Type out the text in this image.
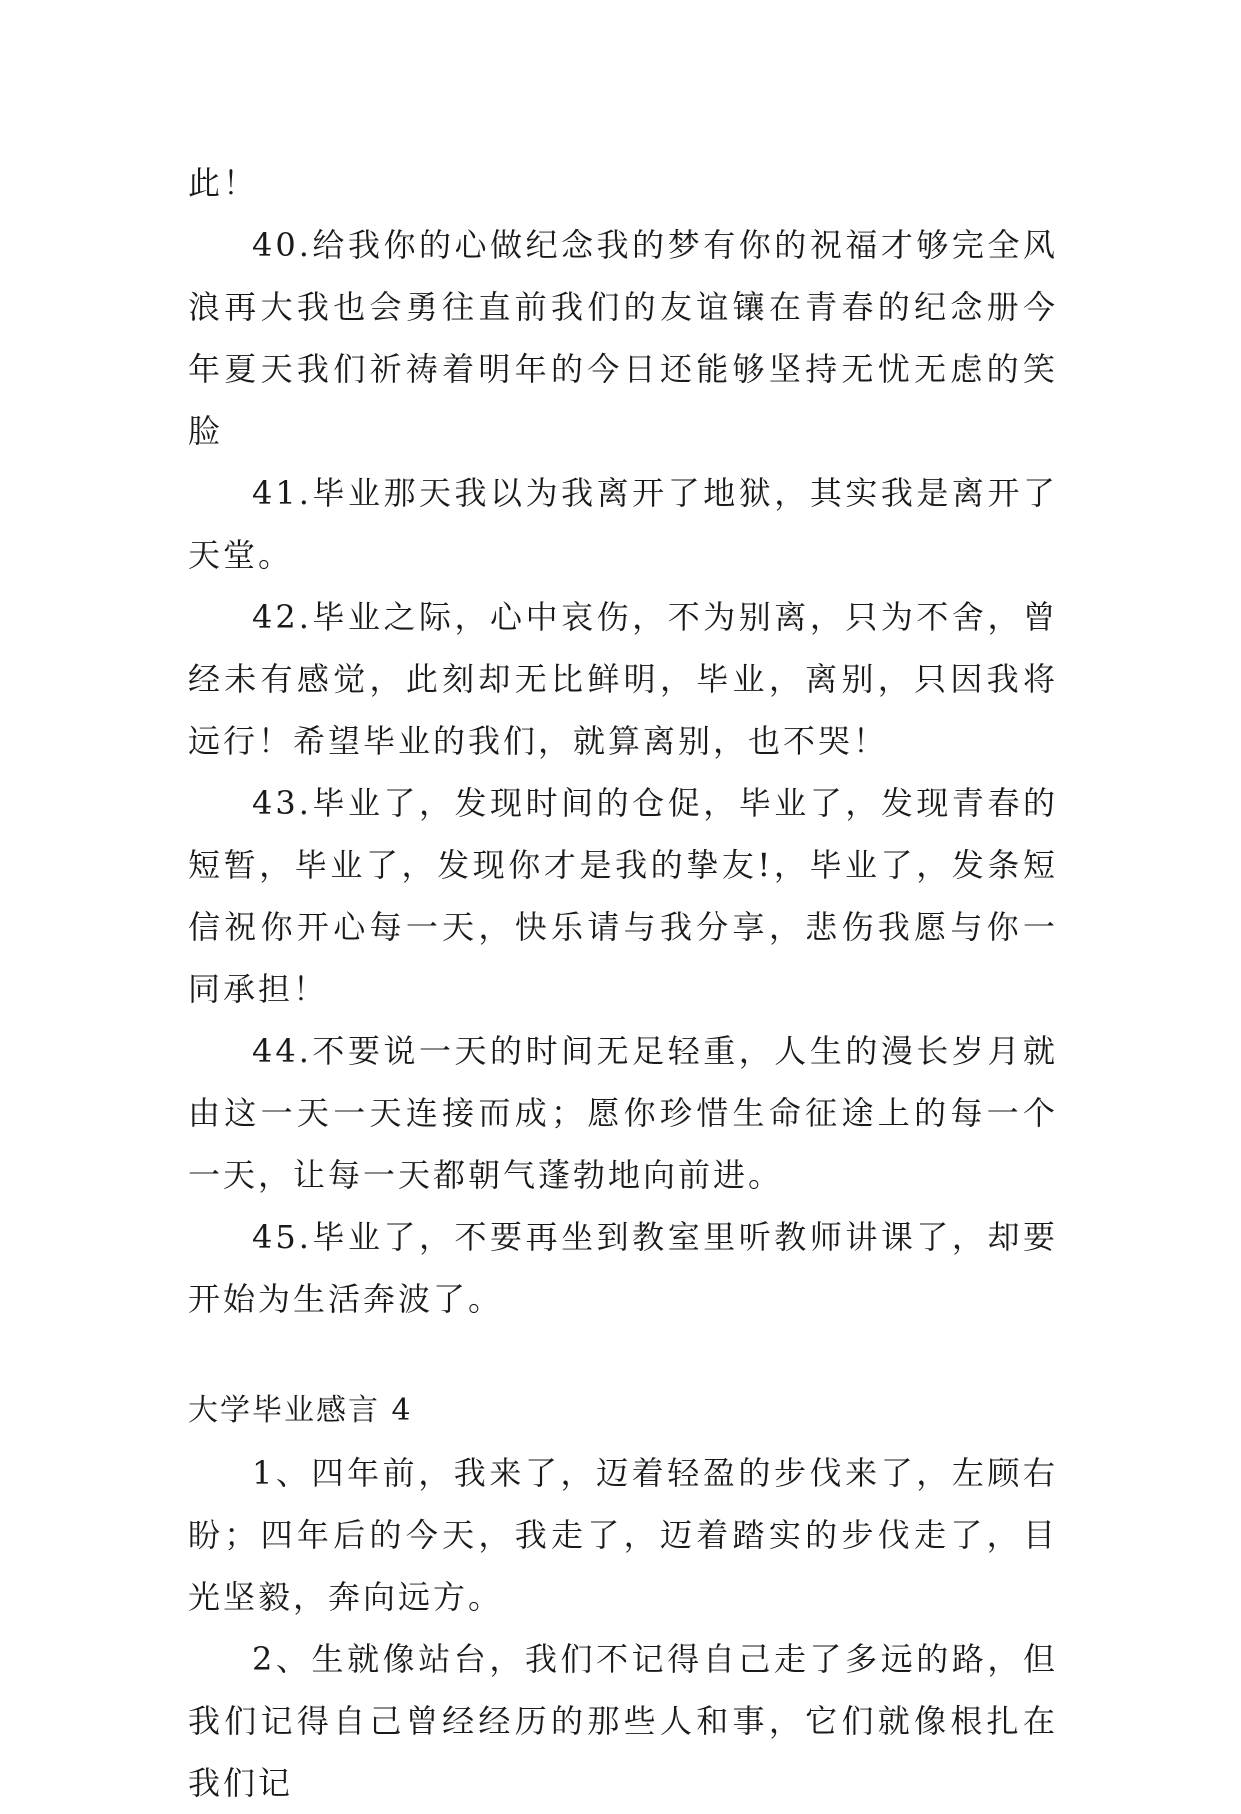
此！

40.给我你的心做纪念我的梦有你的祝福才够完全风浪再大我也会勇往直前我们的友谊镶在青春的纪念册今年夏天我们祈祷着明年的今日还能够坚持无忧无虑的笑脸

41.毕业那天我以为我离开了地狱，其实我是离开了天堂。

42.毕业之际，心中哀伤，不为别离，只为不舍，曾经未有感觉，此刻却无比鲜明，毕业，离别，只因我将远行！希望毕业的我们，就算离别，也不哭！

43.毕业了，发现时间的仓促，毕业了，发现青春的短暂，毕业了，发现你才是我的挚友!，毕业了，发条短信祝你开心每一天，快乐请与我分享，悲伤我愿与你一同承担！

44.不要说一天的时间无足轻重，人生的漫长岁月就由这一天一天连接而成；愿你珍惜生命征途上的每一个一天，让每一天都朝气蓬勃地向前进。

45.毕业了，不要再坐到教室里听教师讲课了，却要开始为生活奔波了。

大学毕业感言 4

1、四年前，我来了，迈着轻盈的步伐来了，左顾右盼；四年后的今天，我走了，迈着踏实的步伐走了，目光坚毅，奔向远方。

2、生就像站台，我们不记得自己走了多远的路，但我们记得自己曾经经历的那些人和事，它们就像根扎在我们记
